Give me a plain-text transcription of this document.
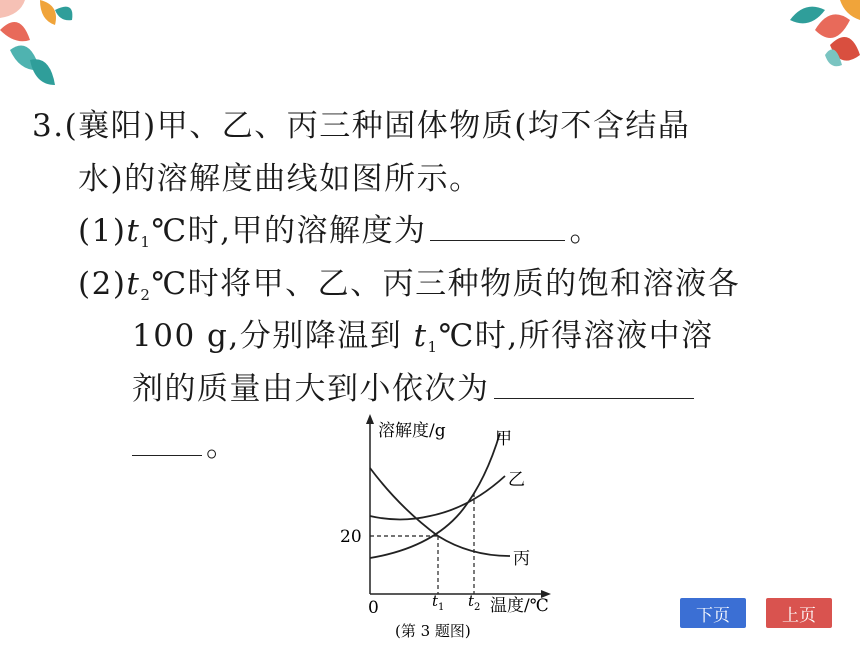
3.(襄阳)甲、乙、丙三种固体物质(均不含结晶
水)的溶解度曲线如图所示。
$(1)t_1℃$时,甲的溶解度为	。
$(2)t_2℃$时将甲、乙、丙三种物质的饱和溶液各
100 g,分别降温到 $t_1℃$时,所得溶液中溶
剂的质量由大到小依次为
。	溶解度/g
0
20
$t_1$ $t_2$ 温度/℃
甲
乙
丙
(第 3 题图)
下页	上页
